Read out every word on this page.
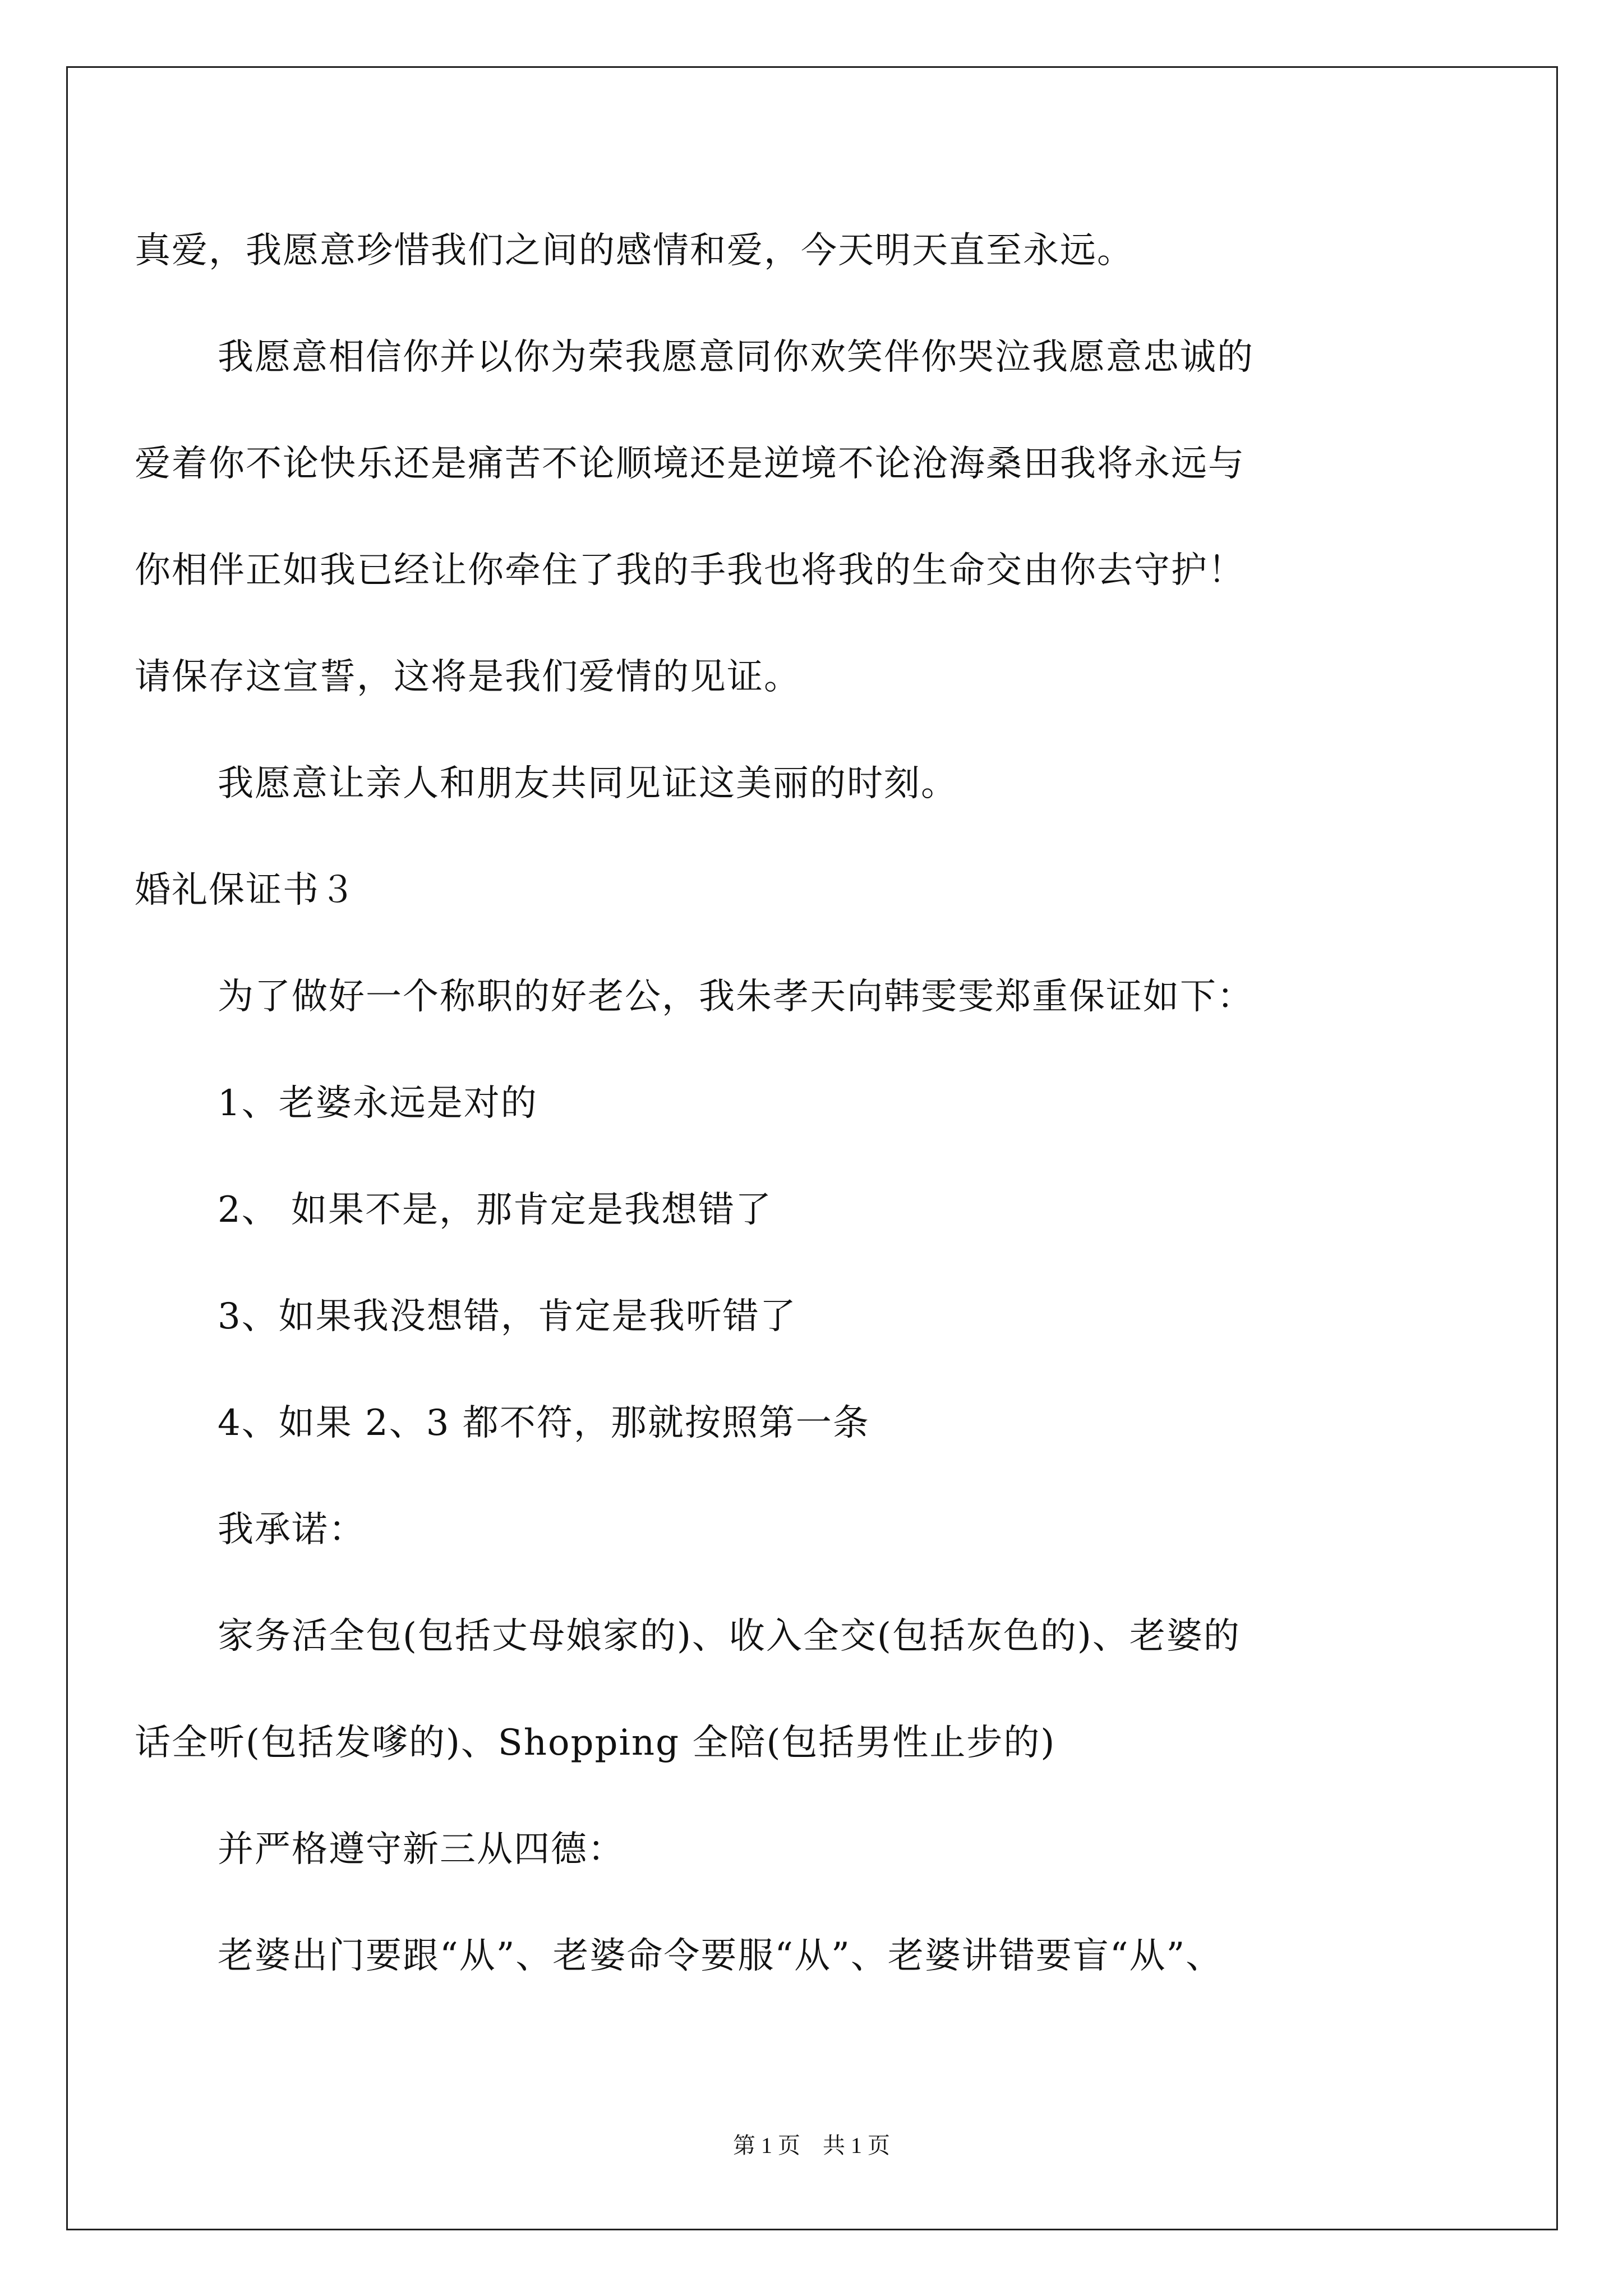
真爱，我愿意珍惜我们之间的感情和爱，今天明天直至永远。
我愿意相信你并以你为荣我愿意同你欢笑伴你哭泣我愿意忠诚的
爱着你不论快乐还是痛苦不论顺境还是逆境不论沧海桑田我将永远与
你相伴正如我已经让你牵住了我的手我也将我的生命交由你去守护！
请保存这宣誓，这将是我们爱情的见证。
我愿意让亲人和朋友共同见证这美丽的时刻。
婚礼保证书３
为了做好一个称职的好老公，我朱孝天向韩雯雯郑重保证如下：
1、老婆永远是对的
2、 如果不是，那肯定是我想错了
3、如果我没想错，肯定是我听错了
4、如果 2、3 都不符，那就按照第一条
我承诺：
家务活全包(包括丈母娘家的)、收入全交(包括灰色的)、老婆的
话全听(包括发嗲的)、Shopping 全陪(包括男性止步的)
并严格遵守新三从四德：
老婆出门要跟“从”、老婆命令要服“从”、老婆讲错要盲“从”、
第 1 页 共 1 页
